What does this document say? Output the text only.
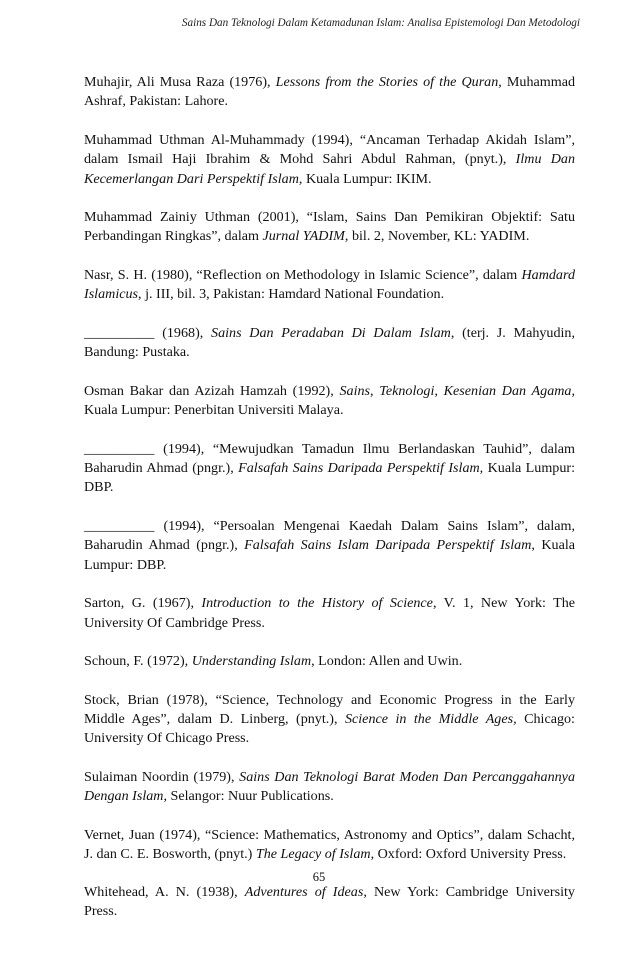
Sains Dan Teknologi Dalam Ketamadunan Islam: Analisa Epistemologi Dan Metodologi

Muhajir, Ali Musa Raza (1976), Lessons from the Stories of the Quran, Muhammad Ashraf, Pakistan: Lahore.

Muhammad Uthman Al-Muhammady (1994), “Ancaman Terhadap Akidah Islam”, dalam Ismail Haji Ibrahim & Mohd Sahri Abdul Rahman, (pnyt.), Ilmu Dan Kecemerlangan Dari Perspektif Islam, Kuala Lumpur: IKIM.

Muhammad Zainiy Uthman (2001), “Islam, Sains Dan Pemikiran Objektif: Satu Perbandingan Ringkas”, dalam Jurnal YADIM, bil. 2, November, KL: YADIM.

Nasr, S. H. (1980), “Reflection on Methodology in Islamic Science”, dalam Hamdard Islamicus, j. III, bil. 3, Pakistan: Hamdard National Foundation.

__________ (1968), Sains Dan Peradaban Di Dalam Islam, (terj. J. Mahyudin, Bandung: Pustaka.

Osman Bakar dan Azizah Hamzah (1992), Sains, Teknologi, Kesenian Dan Agama, Kuala Lumpur: Penerbitan Universiti Malaya.

__________ (1994), “Mewujudkan Tamadun Ilmu Berlandaskan Tauhid”, dalam Baharudin Ahmad (pngr.), Falsafah Sains Daripada Perspektif Islam, Kuala Lumpur: DBP.

__________ (1994), “Persoalan Mengenai Kaedah Dalam Sains Islam”, dalam, Baharudin Ahmad (pngr.), Falsafah Sains Islam Daripada Perspektif Islam, Kuala Lumpur: DBP.

Sarton, G. (1967), Introduction to the History of Science, V. 1, New York: The University Of Cambridge Press.

Schoun, F. (1972), Understanding Islam, London: Allen and Uwin.

Stock, Brian (1978), “Science, Technology and Economic Progress in the Early Middle Ages”, dalam D. Linberg, (pnyt.), Science in the Middle Ages, Chicago: University Of Chicago Press.

Sulaiman Noordin (1979), Sains Dan Teknologi Barat Moden Dan Percanggahannya Dengan Islam, Selangor: Nuur Publications.

Vernet, Juan (1974), “Science: Mathematics, Astronomy and Optics”, dalam Schacht, J. dan C. E. Bosworth, (pnyt.) The Legacy of Islam, Oxford: Oxford University Press.

Whitehead, A. N. (1938), Adventures of Ideas, New York: Cambridge University Press.

65
